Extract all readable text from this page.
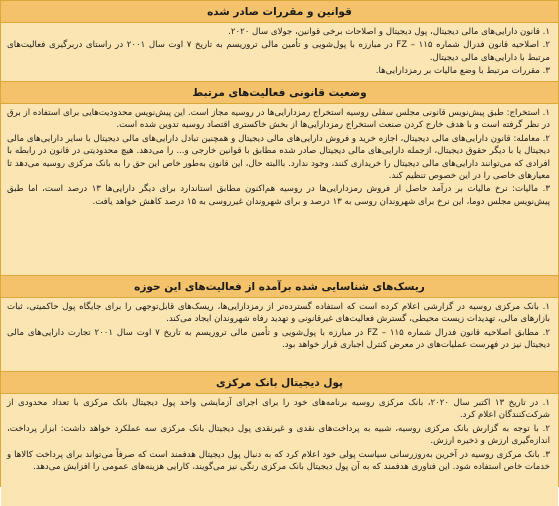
قوانین و مقررات صادر شده

۱. قانون دارایی‌های مالی دیجیتال، پول دیجیتال و اصلاحات برخی قوانین، جولای سال ۲۰۲۰.

۲. اصلاحیه قانون فدرال شماره ۱۱۵ – FZ در مبارزه با پول‌شویی و تأمین مالی تروریسم به تاریخ ۷ اوت سال ۲۰۰۱ در راستای دربرگیری فعالیت‌های مرتبط با دارایی‌های مالی دیجیتال.

۳. مقررات مرتبط با وضع مالیات بر رمزدارایی‌ها.

وضعیت قانونی فعالیت‌های مرتبط

۱. استخراج: طبق پیش‌نویس قانونی مجلس سفلی روسیه استخراج رمزدارایی‌ها در روسیه مجاز است. این پیش‌نویس محدودیت‌هایی برای استفاده از برق در نظر گرفته است و با هدف خارج کردن صنعت استخراج رمزدارایی‌ها از بخش خاکستری اقتصاد روسیه تدوین شده است.

۲. معامله: قانون دارایی‌های مالی دیجیتال، اجازه خرید و فروش دارایی‌های مالی دیجیتال و همچنین تبادل دارایی‌های مالی دیجیتال با سایر دارایی‌های مالی دیجیتال یا با دیگر حقوق دیجیتال، ازجمله دارایی‌های مالی دیجیتال صادر شده مطابق با قوانین خارجی و... را می‌دهد. هیچ محدودیتی در قانون در رابطه با افرادی که می‌توانند دارایی‌های مالی دیجیتال را خریداری کنند، وجود ندارد. باالبته حال، این قانون به‌طور خاص این حق را به بانک مرکزی روسیه می‌دهد تا معیارهای خاصی را در این خصوص تنظیم کند.

۳. مالیات: نرخ مالیات بر درآمد حاصل از فروش رمزدارایی‌ها در روسیه هم‌اکنون مطابق استاندارد برای دیگر دارایی‌ها ۱۳ درصد است، اما طبق پیش‌نویس مجلس دوما، این نرخ برای شهروندان روسی به ۱۳ درصد و برای شهروندان غیرروسی به ۱۵ درصد کاهش خواهد یافت.

ریسک‌های شناسایی شده برآمده از فعالیت‌های این حوزه

۱. بانک مرکزی روسیه در گزارشی اعلام کرده است که استفاده گسترده‌تر از رمزدارایی‌ها، ریسک‌های قابل‌توجهی را برای جایگاه پول حاکمیتی، ثبات بازارهای مالی، تهدیدات زیست محیطی، گسترش فعالیت‌های غیرقانونی و تهدید رفاه شهروندان ایجاد می‌کند.

۲. مطابق اصلاحیه قانون فدرال شماره ۱۱۵ – FZ در مبارزه با پول‌شویی و تأمین مالی تروریسم به تاریخ ۷ اوت سال ۲۰۰۱ تجارت دارایی‌های مالی دیجیتال نیز در فهرست عملیات‌های در معرض کنترل اجباری قرار خواهد بود.

پول دیجیتال بانک مرکزی

۱. در تاریخ ۱۳ اکتبر سال ۲۰۲۰، بانک مرکزی روسیه برنامه‌های خود را برای اجرای آزمایشی واحد پول دیجیتال بانک مرکزی با تعداد محدودی از شرکت‌کنندگان اعلام کرد.

۲. با توجه به گزارش بانک مرکزی روسیه، شبیه به پرداخت‌های نقدی و غیرنقدی پول دیجیتال بانک مرکزی سه عملکرد خواهد داشت: ابزار پرداخت، اندازه‌گیری ارزش و ذخیره ارزش.

۳. بانک مرکزی روسیه در آخرین به‌روزرسانی سیاست پولی خود اعلام کرد که به دنبال پول دیجیتال هدفمند است که صرفاً می‌تواند برای پرداخت کالاها و خدمات خاص استفاده شود. این فناوری هدفمند که به آن پول دیجیتال بانک مرکزی رنگی نیز می‌گویند، کارایی هزینه‌های عمومی را افزایش می‌دهد.
